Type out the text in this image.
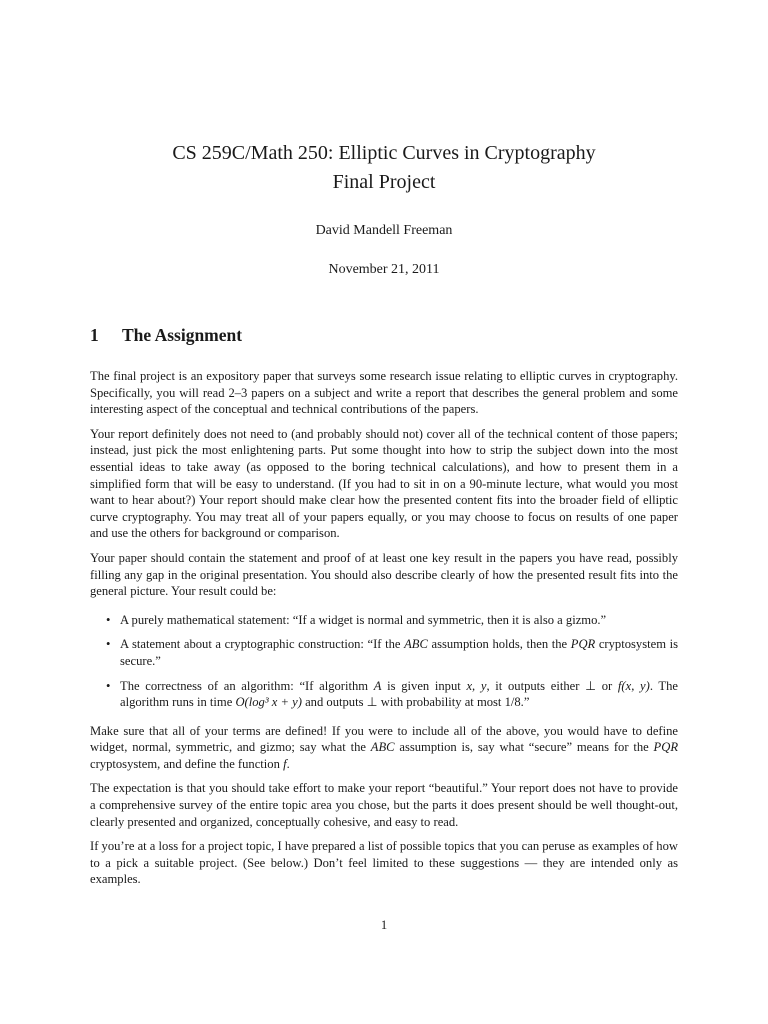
CS 259C/Math 250: Elliptic Curves in Cryptography
Final Project
David Mandell Freeman
November 21, 2011
1 The Assignment

The final project is an expository paper that surveys some research issue relating to elliptic curves in cryptography. Specifically, you will read 2–3 papers on a subject and write a report that describes the general problem and some interesting aspect of the conceptual and technical contributions of the papers.

Your report definitely does not need to (and probably should not) cover all of the technical content of those papers; instead, just pick the most enlightening parts. Put some thought into how to strip the subject down into the most essential ideas to take away (as opposed to the boring technical calculations), and how to present them in a simplified form that will be easy to understand. (If you had to sit in on a 90-minute lecture, what would you most want to hear about?) Your report should make clear how the presented content fits into the broader field of elliptic curve cryptography. You may treat all of your papers equally, or you may choose to focus on results of one paper and use the others for background or comparison.

Your paper should contain the statement and proof of at least one key result in the papers you have read, possibly filling any gap in the original presentation. You should also describe clearly of how the presented result fits into the general picture. Your result could be:

• A purely mathematical statement: “If a widget is normal and symmetric, then it is also a gizmo.”
• A statement about a cryptographic construction: “If the ABC assumption holds, then the PQR cryptosystem is secure.”
• The correctness of an algorithm: “If algorithm A is given input x, y, it outputs either ⊥ or f(x, y). The algorithm runs in time O(log³ x + y) and outputs ⊥ with probability at most 1/8.”

Make sure that all of your terms are defined! If you were to include all of the above, you would have to define widget, normal, symmetric, and gizmo; say what the ABC assumption is, say what “secure” means for the PQR cryptosystem, and define the function f.

The expectation is that you should take effort to make your report “beautiful.” Your report does not have to provide a comprehensive survey of the entire topic area you chose, but the parts it does present should be well thought-out, clearly presented and organized, conceptually cohesive, and easy to read.

If you’re at a loss for a project topic, I have prepared a list of possible topics that you can peruse as examples of how to a pick a suitable project. (See below.) Don’t feel limited to these suggestions — they are intended only as examples.

1
